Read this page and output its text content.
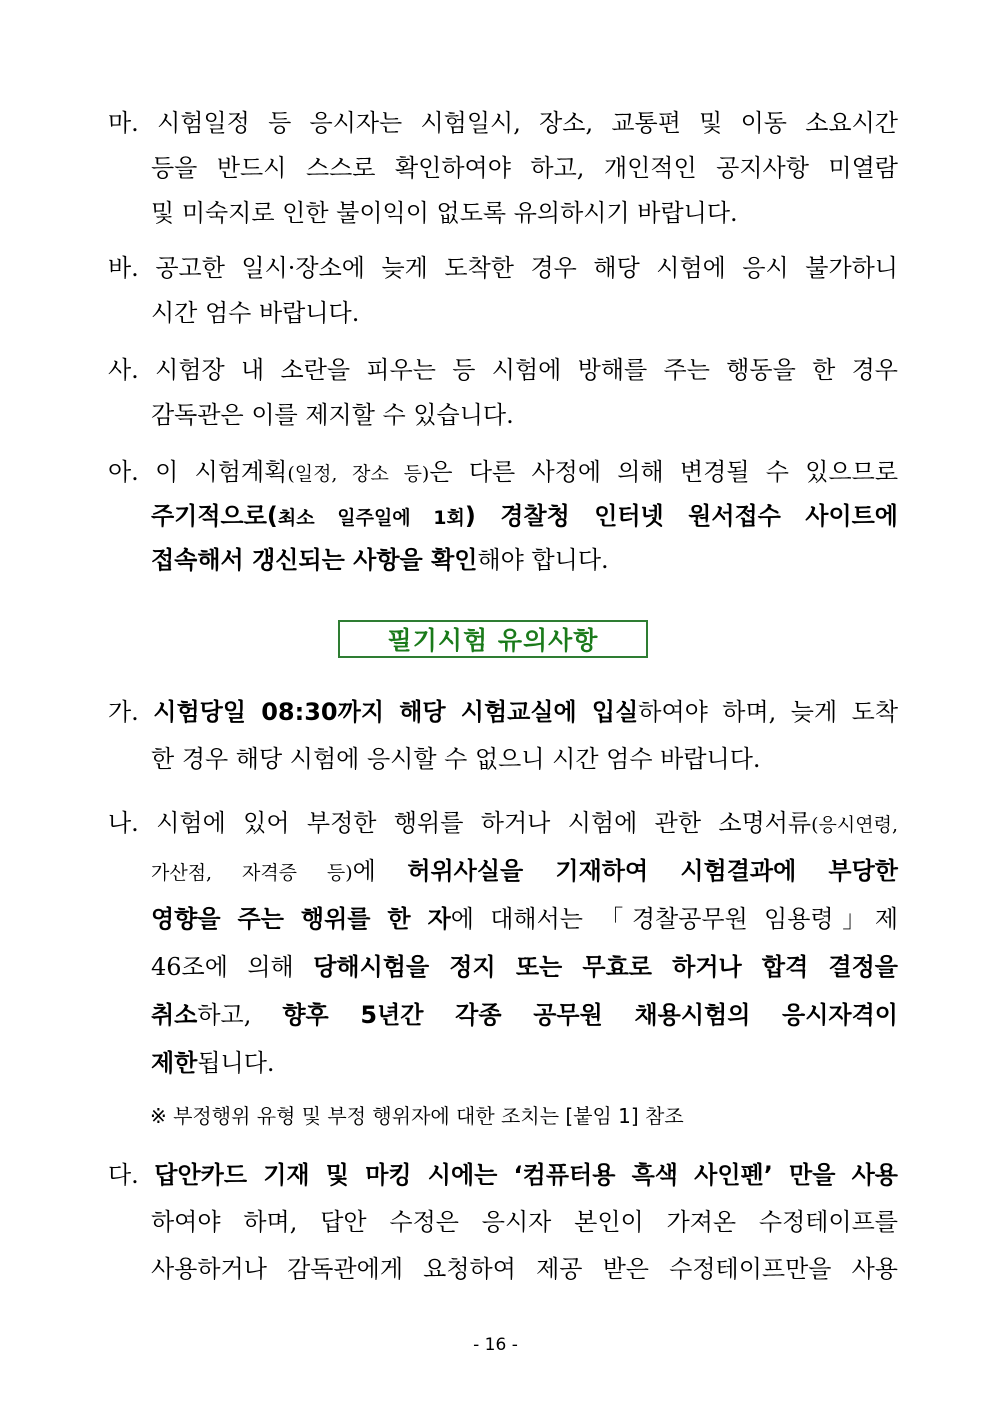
마. 시험일정 등 응시자는 시험일시, 장소, 교통편 및 이동 소요시간
등을 반드시 스스로 확인하여야 하고, 개인적인 공지사항 미열람
및 미숙지로 인한 불이익이 없도록 유의하시기 바랍니다.
바. 공고한 일시·장소에 늦게 도착한 경우 해당 시험에 응시 불가하니
시간 엄수 바랍니다.
사. 시험장 내 소란을 피우는 등 시험에 방해를 주는 행동을 한 경우
감독관은 이를 제지할 수 있습니다.
아. 이 시험계획(일정, 장소 등)은 다른 사정에 의해 변경될 수 있으므로
주기적으로(최소 일주일에 1회) 경찰청 인터넷 원서접수 사이트에
접속해서 갱신되는 사항을 확인해야 합니다.
필기시험 유의사항
가. 시험당일 08:30까지 해당 시험교실에 입실하여야 하며, 늦게 도착
한 경우 해당 시험에 응시할 수 없으니 시간 엄수 바랍니다.
나. 시험에 있어 부정한 행위를 하거나 시험에 관한 소명서류(응시연령,
가산점, 자격증 등)에 허위사실을 기재하여 시험결과에 부당한
영향을 주는 행위를 한 자에 대해서는 「경찰공무원 임용령」제
46조에 의해 당해시험을 정지 또는 무효로 하거나 합격 결정을
취소하고, 향후 5년간 각종 공무원 채용시험의 응시자격이
제한됩니다.
※ 부정행위 유형 및 부정 행위자에 대한 조치는 [붙임 1] 참조
다. 답안카드 기재 및 마킹 시에는 ‘컴퓨터용 흑색 사인펜’ 만을 사용
하여야 하며, 답안 수정은 응시자 본인이 가져온 수정테이프를
사용하거나 감독관에게 요청하여 제공 받은 수정테이프만을 사용
- 16 -
